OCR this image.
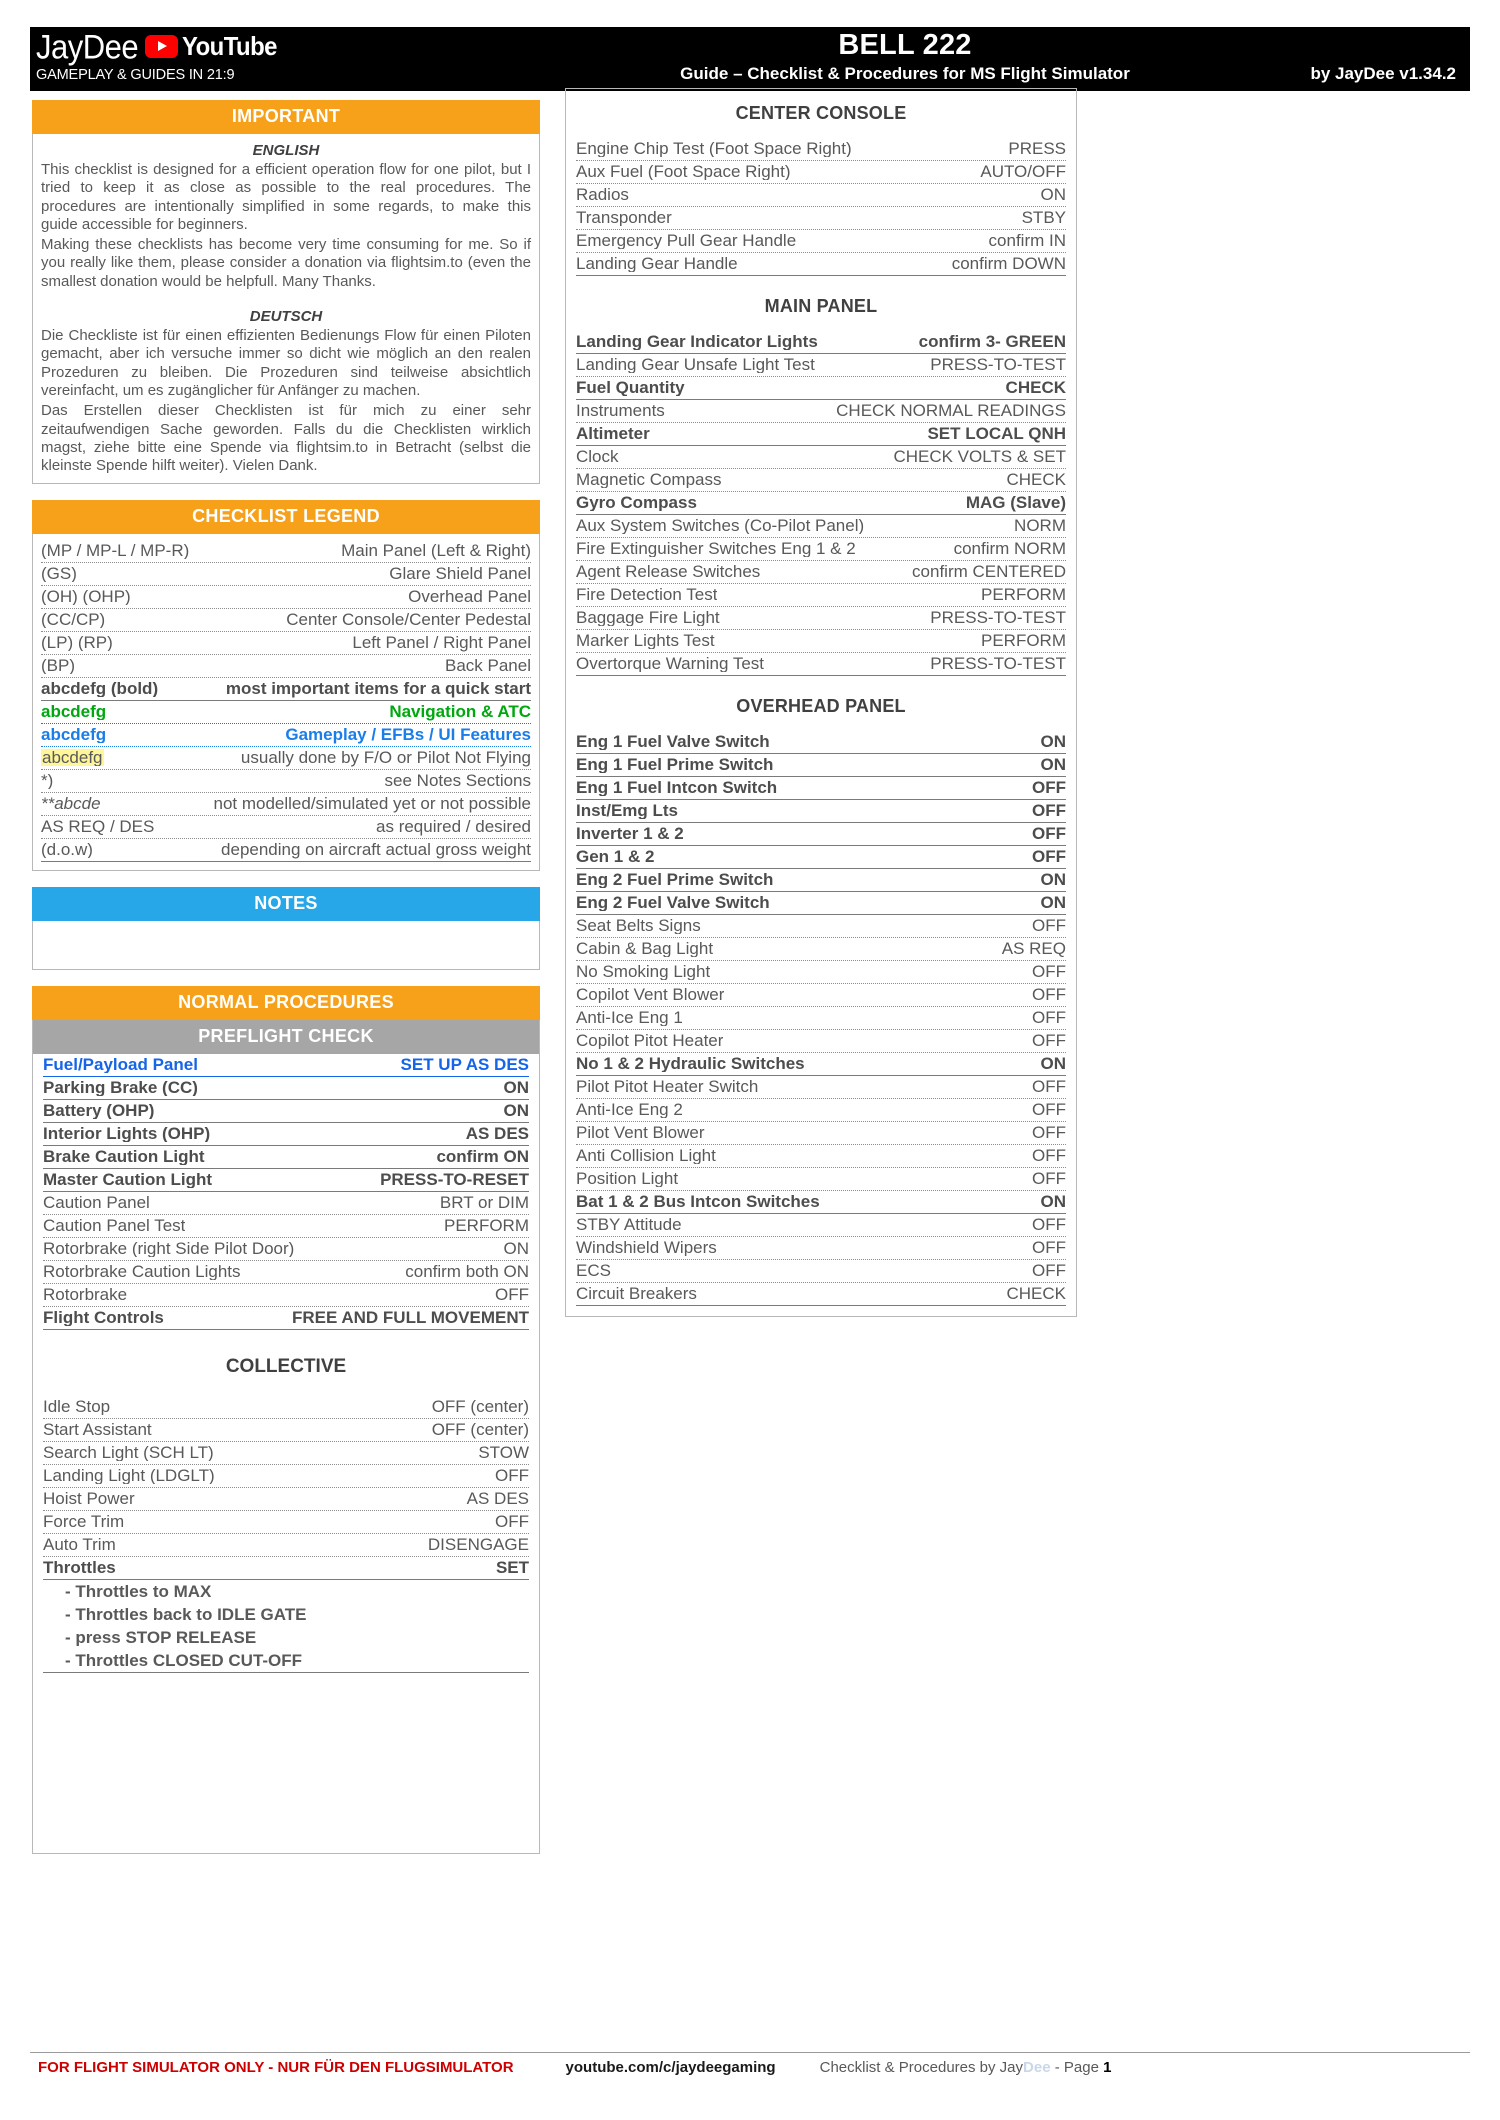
JayDee YouTube
GAMEPLAY & GUIDES IN 21:9
BELL 222
Guide – Checklist & Procedures for MS Flight Simulator	by JayDee v1.34.2
IMPORTANT
ENGLISH
This checklist is designed for a efficient operation flow for one pilot, but I tried to keep it as close as possible to the real procedures. The procedures are intentionally simplified in some regards, to make this guide accessible for beginners.
Making these checklists has become very time consuming for me. So if you really like them, please consider a donation via flightsim.to (even the smallest donation would be helpfull. Many Thanks.
DEUTSCH
Die Checkliste ist für einen effizienten Bedienungs Flow für einen Piloten gemacht, aber ich versuche immer so dicht wie möglich an den realen Prozeduren zu bleiben. Die Prozeduren sind teilweise absichtlich vereinfacht, um es zugänglicher für Anfänger zu machen.
Das Erstellen dieser Checklisten ist für mich zu einer sehr zeitaufwendigen Sache geworden. Falls du die Checklisten wirklich magst, ziehe bitte eine Spende via flightsim.to in Betracht (selbst die kleinste Spende hilft weiter). Vielen Dank.
CHECKLIST LEGEND
(MP / MP-L / MP-R)	Main Panel (Left & Right)
(GS)	Glare Shield Panel
(OH) (OHP)	Overhead Panel
(CC/CP)	Center Console/Center Pedestal
(LP) (RP)	Left Panel / Right Panel
(BP)	Back Panel
abcdefg (bold)	most important items for a quick start
abcdefg	Navigation & ATC
abcdefg	Gameplay / EFBs / UI Features
abcdefg	usually done by F/O or Pilot Not Flying
*)	see Notes Sections
**abcde	not modelled/simulated yet or not possible
AS REQ / DES	as required / desired
(d.o.w)	depending on aircraft actual gross weight
NOTES
NORMAL PROCEDURES
PREFLIGHT CHECK
Fuel/Payload Panel	SET UP AS DES
Parking Brake (CC)	ON
Battery (OHP)	ON
Interior Lights (OHP)	AS DES
Brake Caution Light	confirm ON
Master Caution Light	PRESS-TO-RESET
Caution Panel	BRT or DIM
Caution Panel Test	PERFORM
Rotorbrake (right Side Pilot Door)	ON
Rotorbrake Caution Lights	confirm both ON
Rotorbrake	OFF
Flight Controls	FREE AND FULL MOVEMENT
COLLECTIVE
Idle Stop	OFF (center)
Start Assistant	OFF (center)
Search Light (SCH LT)	STOW
Landing Light (LDGLT)	OFF
Hoist Power	AS DES
Force Trim	OFF
Auto Trim	DISENGAGE
Throttles	SET
- Throttles to MAX
- Throttles back to IDLE GATE
- press STOP RELEASE
- Throttles CLOSED CUT-OFF
CENTER CONSOLE
Engine Chip Test (Foot Space Right)	PRESS
Aux Fuel (Foot Space Right)	AUTO/OFF
Radios	ON
Transponder	STBY
Emergency Pull Gear Handle	confirm IN
Landing Gear Handle	confirm DOWN
MAIN PANEL
Landing Gear Indicator Lights	confirm 3- GREEN
Landing Gear Unsafe Light Test	PRESS-TO-TEST
Fuel Quantity	CHECK
Instruments	CHECK NORMAL READINGS
Altimeter	SET LOCAL QNH
Clock	CHECK VOLTS & SET
Magnetic Compass	CHECK
Gyro Compass	MAG (Slave)
Aux System Switches (Co-Pilot Panel)	NORM
Fire Extinguisher Switches Eng 1 & 2	confirm NORM
Agent Release Switches	confirm CENTERED
Fire Detection Test	PERFORM
Baggage Fire Light	PRESS-TO-TEST
Marker Lights Test	PERFORM
Overtorque Warning Test	PRESS-TO-TEST
OVERHEAD PANEL
Eng 1 Fuel Valve Switch	ON
Eng 1 Fuel Prime Switch	ON
Eng 1 Fuel Intcon Switch	OFF
Inst/Emg Lts	OFF
Inverter 1 & 2	OFF
Gen 1 & 2	OFF
Eng 2 Fuel Prime Switch	ON
Eng 2 Fuel Valve Switch	ON
Seat Belts Signs	OFF
Cabin & Bag Light	AS REQ
No Smoking Light	OFF
Copilot Vent Blower	OFF
Anti-Ice Eng 1	OFF
Copilot Pitot Heater	OFF
No 1 & 2 Hydraulic Switches	ON
Pilot Pitot Heater Switch	OFF
Anti-Ice Eng 2	OFF
Pilot Vent Blower	OFF
Anti Collision Light	OFF
Position Light	OFF
Bat 1 & 2 Bus Intcon Switches	ON
STBY Attitude	OFF
Windshield Wipers	OFF
ECS	OFF
Circuit Breakers	CHECK
FOR FLIGHT SIMULATOR ONLY - NUR FÜR DEN FLUGSIMULATOR	youtube.com/c/jaydeegaming	Checklist & Procedures by JayDee - Page 1
